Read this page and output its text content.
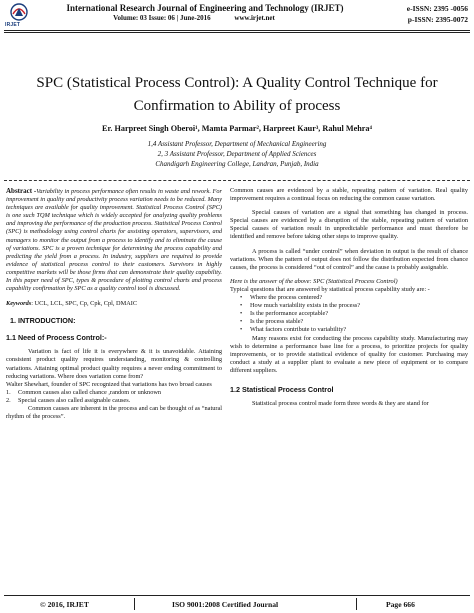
IRJET
International Research Journal of Engineering and Technology (IRJET)
Volume: 03 Issue: 06 | June-2016	www.irjet.net
e-ISSN: 2395 -0056
p-ISSN: 2395-0072
SPC (Statistical Process Control): A Quality Control Technique for
Confirmation to Ability of process
Er. Harpreet Singh Oberoi¹, Mamta Parmar², Harpreet Kaur³, Rahul Mehra⁴
1,4 Assistant Professor, Department of Mechanical Engineering
2, 3 Assistant Professor, Department of Applied Sciences
Chandigarh Engineering College, Landran, Punjab, India

Abstract -Variability in process performance often results in waste and rework. For improvement in quality and productivity process variation needs to be reduced. Many techniques are available for quality improvement. Statistical Process Control (SPC) is one such TQM technique which is widely accepted for analyzing quality problems and improving the performance of the production process. Statistical Process Control (SPC) is methodology using control charts for assisting operators, supervisors, and managers to monitor the output from a process to identify and to eliminate the cause of variations. SPC is a proven technique for determining the process capability and predicting the yield from a process. In industry, suppliers are required to provide evidence of statistical process control to their customers. Survivors in highly competitive markets will be those firms that can demonstrate their quality capability. In this paper need of SPC, types & procedure of plotting control charts and process capability confirmation by SPC as a quality control tool is discussed.

Keywords: UCL, LCL, SPC, Cp, Cpk, Cpl, DMAIC

1. INTRODUCTION:
1.1 Need of Process Control:-

Variation is fact of life it is everywhere & it is unavoidable. Attaining consistent product quality requires understanding, monitoring & controlling variations. Attaining optimal product quality requires a never ending commitment to reducing variations. Where does variation come from?

Walter Shewhart, founder of SPC recognized that variations has two broad causes

1. Common causes also called chance ,random or unknown
2. Special causes also called assignable causes.

Common causes are inherent in the process and can be thought of as “natural rhythm of the process”.

Common causes are evidenced by a stable, repeating pattern of variation. Real quality improvement requires a continual focus on reducing the common cause variation.

Special causes of variation are a signal that something has changed in process. Special causes are evidenced by a disruption of the stable, repeating pattern of variation Special causes of variation result in unpredictable performance and must therefore be identified and remove before taking other steps to improve quality.

A process is called “under control” when deviation in output is the result of chance variations. When the pattern of output does not follow the distribution expected from chance causes, the process is considered “out of control” and the cause is probably assignable.

Here is the answer of the above: SPC (Statistical Process Control)

Typical questions that are answered by statistical process capability study are: -

• Where the process centered?
• How much variability exists in the process?
• Is the performance acceptable?
• Is the process stable?
• What factors contribute to variability?

Many reasons exist for conducting the process capability study. Manufacturing may wish to determine a performance base line for a process, to prioritize projects for quality improvements, or to provide statistical evidence of quality for customer. Purchasing may conduct a study at a supplier plant to evaluate a new piece of equipment or to compare different suppliers.

1.2 Statistical Process Control

Statistical process control made form three words & they are stand for

© 2016, IRJET	ISO 9001:2008 Certified Journal	Page 666
